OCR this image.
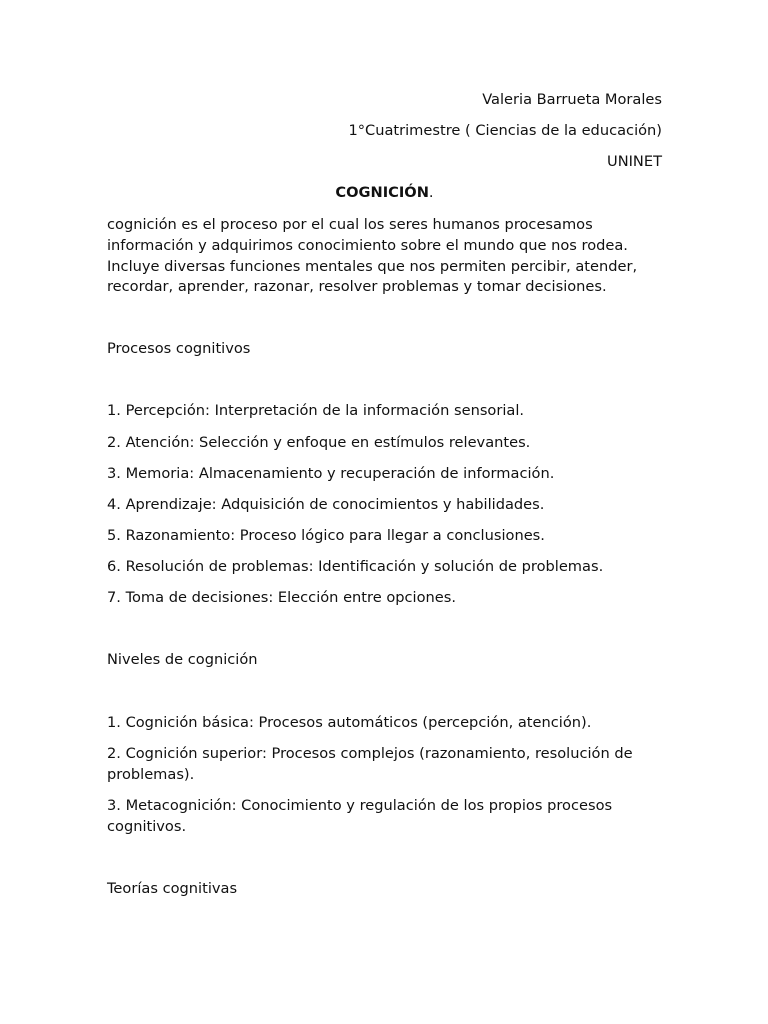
Valeria Barrueta Morales
1°Cuatrimestre ( Ciencias de la educación)
UNINET
COGNICIÓN.
cognición es el proceso por el cual los seres humanos procesamos
información y adquirimos conocimiento sobre el mundo que nos rodea.
Incluye diversas funciones mentales que nos permiten percibir, atender,
recordar, aprender, razonar, resolver problemas y tomar decisiones.
Procesos cognitivos
1. Percepción: Interpretación de la información sensorial.
2. Atención: Selección y enfoque en estímulos relevantes.
3. Memoria: Almacenamiento y recuperación de información.
4. Aprendizaje: Adquisición de conocimientos y habilidades.
5. Razonamiento: Proceso lógico para llegar a conclusiones.
6. Resolución de problemas: Identificación y solución de problemas.
7. Toma de decisiones: Elección entre opciones.
Niveles de cognición
1. Cognición básica: Procesos automáticos (percepción, atención).
2. Cognición superior: Procesos complejos (razonamiento, resolución de
problemas).
3. Metacognición: Conocimiento y regulación de los propios procesos
cognitivos.
Teorías cognitivas
